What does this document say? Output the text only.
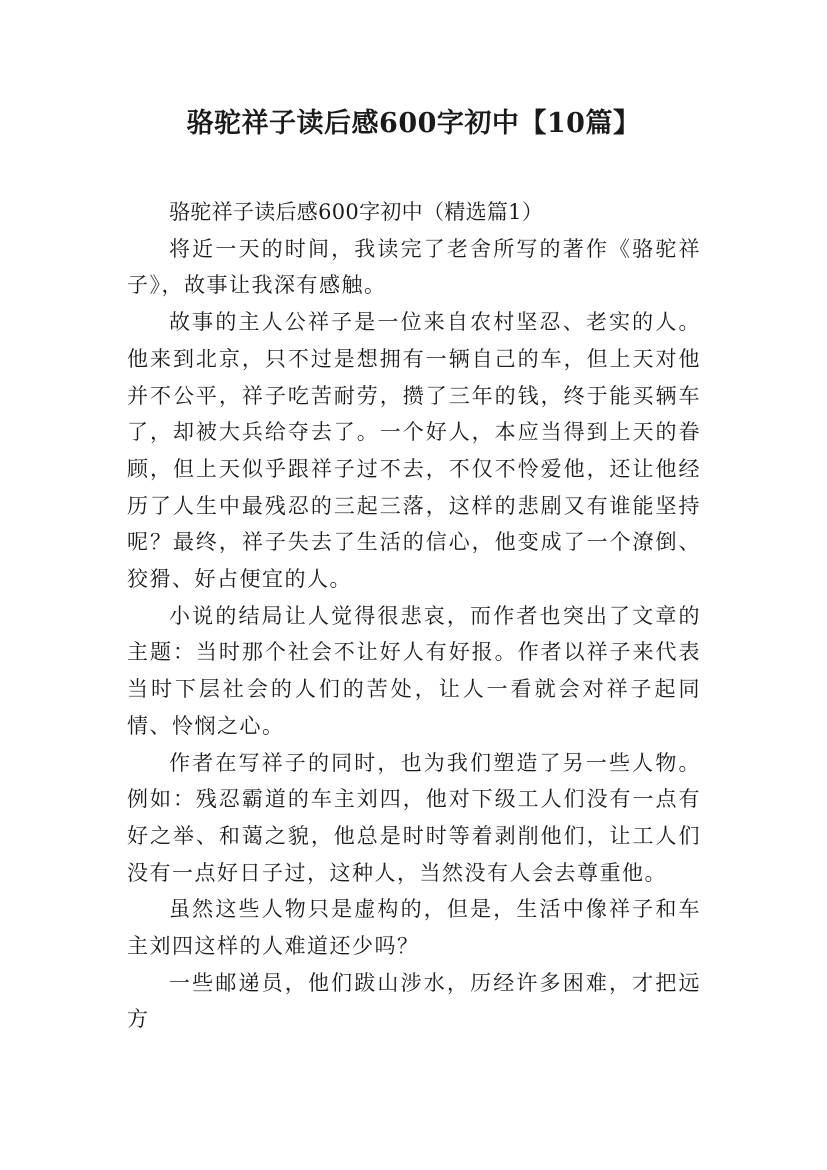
骆驼祥子读后感600字初中【10篇】

骆驼祥子读后感600字初中（精选篇1）

将近一天的时间，我读完了老舍所写的著作《骆驼祥子》，故事让我深有感触。

故事的主人公祥子是一位来自农村坚忍、老实的人。他来到北京，只不过是想拥有一辆自己的车，但上天对他并不公平，祥子吃苦耐劳，攒了三年的钱，终于能买辆车了，却被大兵给夺去了。一个好人，本应当得到上天的眷顾，但上天似乎跟祥子过不去，不仅不怜爱他，还让他经历了人生中最残忍的三起三落，这样的悲剧又有谁能坚持呢？最终，祥子失去了生活的信心，他变成了一个潦倒、狡猾、好占便宜的人。

小说的结局让人觉得很悲哀，而作者也突出了文章的主题：当时那个社会不让好人有好报。作者以祥子来代表当时下层社会的人们的苦处，让人一看就会对祥子起同情、怜悯之心。

作者在写祥子的同时，也为我们塑造了另一些人物。例如：残忍霸道的车主刘四，他对下级工人们没有一点有好之举、和蔼之貌，他总是时时等着剥削他们，让工人们没有一点好日子过，这种人，当然没有人会去尊重他。

虽然这些人物只是虚构的，但是，生活中像祥子和车主刘四这样的人难道还少吗？

一些邮递员，他们跋山涉水，历经许多困难，才把远方
